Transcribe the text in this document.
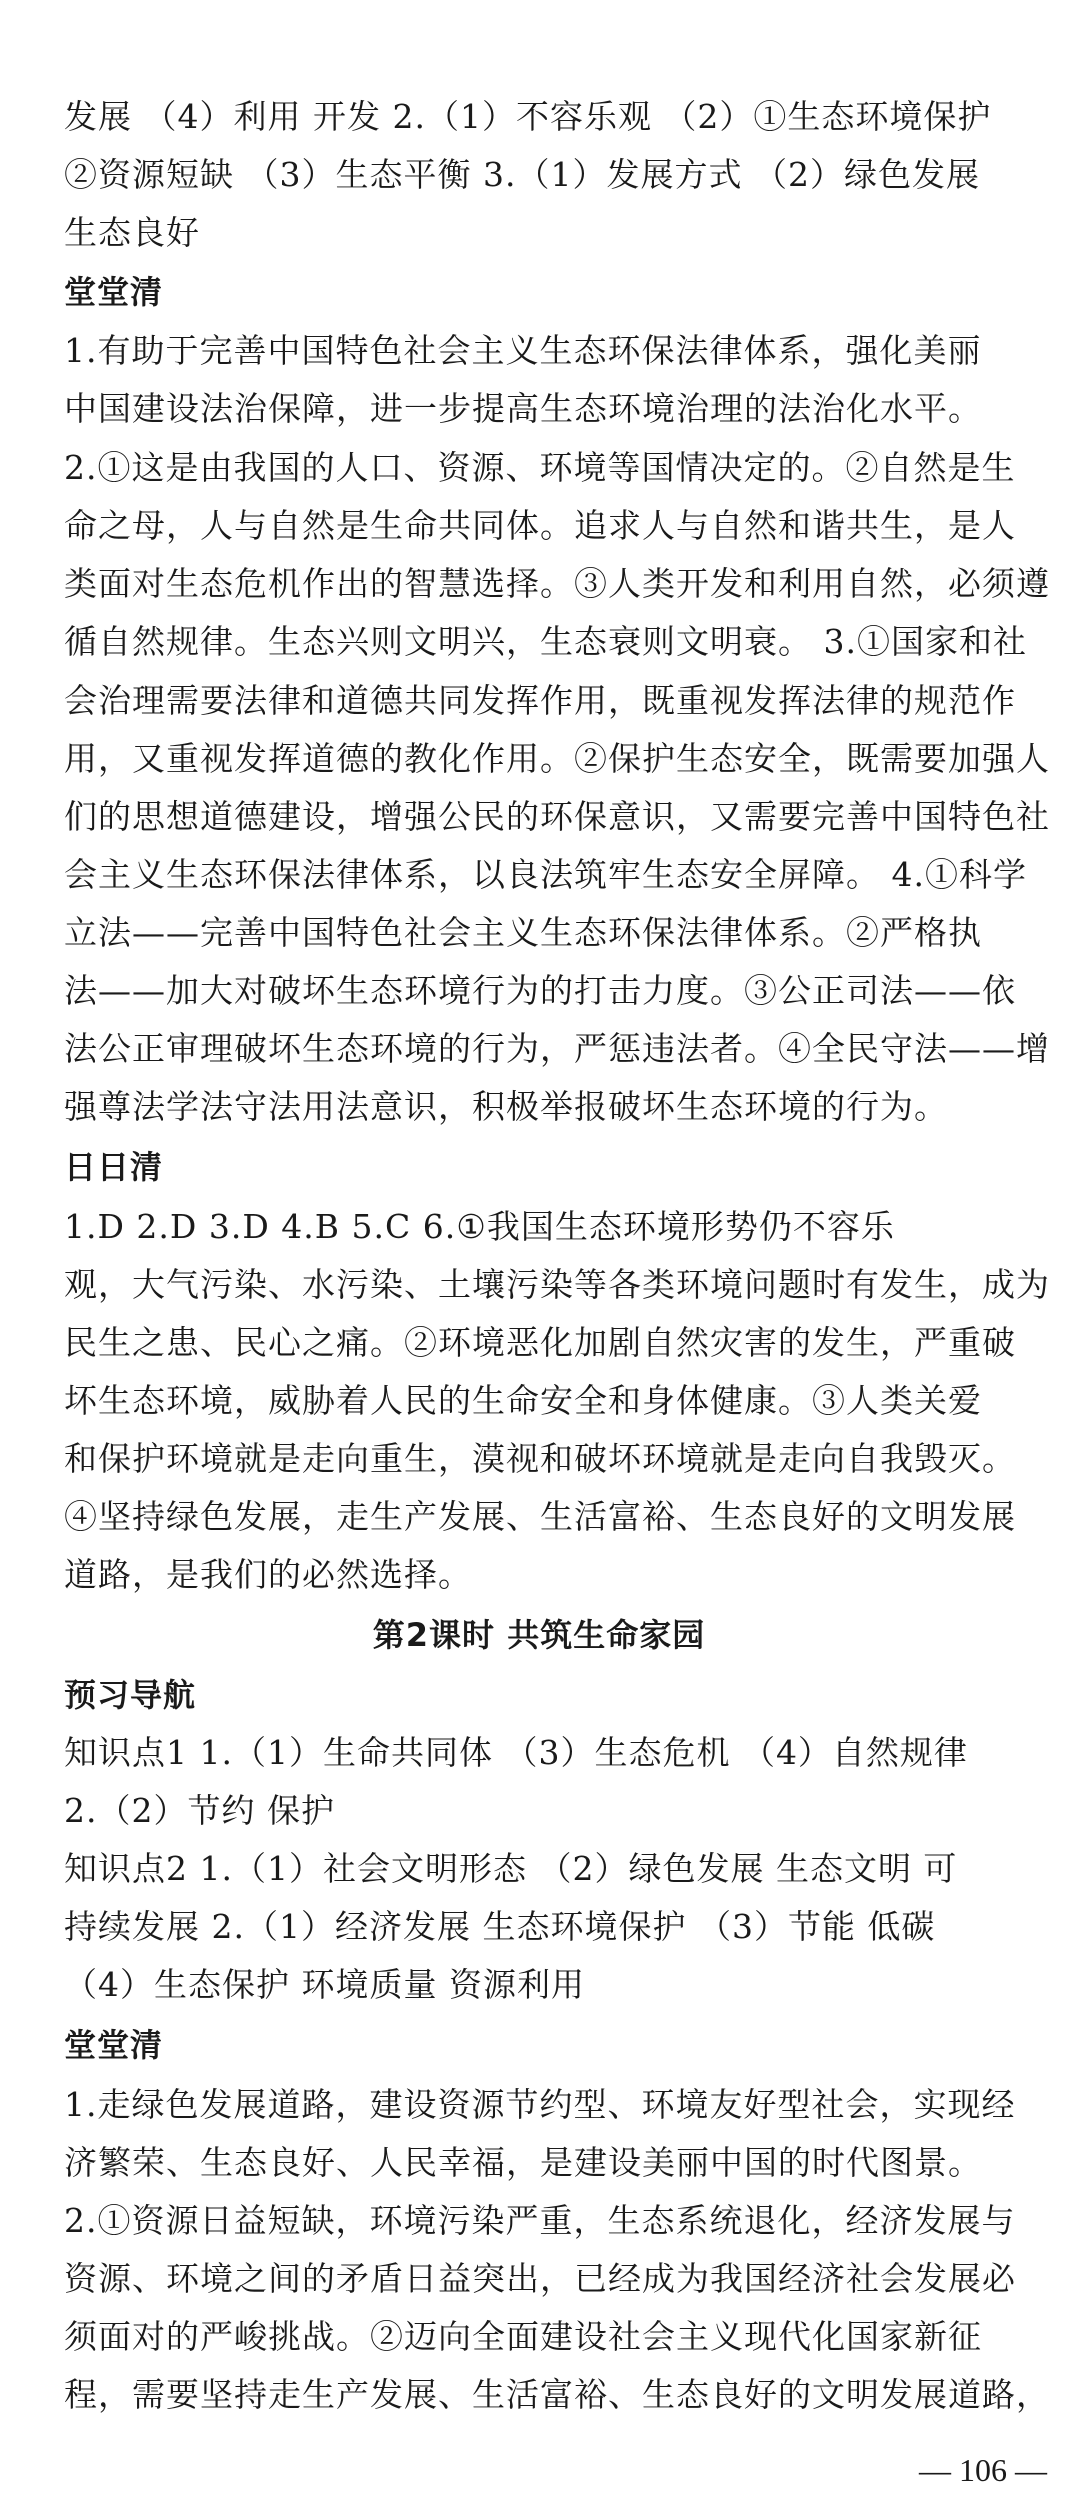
发展 （4）利用 开发 2.（1）不容乐观 （2）①生态环境保护
②资源短缺 （3）生态平衡 3.（1）发展方式 （2）绿色发展
生态良好
堂堂清
1.有助于完善中国特色社会主义生态环保法律体系，强化美丽
中国建设法治保障，进一步提高生态环境治理的法治化水平。
2.①这是由我国的人口、资源、环境等国情决定的。②自然是生
命之母，人与自然是生命共同体。追求人与自然和谐共生，是人
类面对生态危机作出的智慧选择。③人类开发和利用自然，必须遵
循自然规律。生态兴则文明兴，生态衰则文明衰。 3.①国家和社
会治理需要法律和道德共同发挥作用，既重视发挥法律的规范作
用，又重视发挥道德的教化作用。②保护生态安全，既需要加强人
们的思想道德建设，增强公民的环保意识，又需要完善中国特色社
会主义生态环保法律体系，以良法筑牢生态安全屏障。 4.①科学
立法——完善中国特色社会主义生态环保法律体系。②严格执
法——加大对破坏生态环境行为的打击力度。③公正司法——依
法公正审理破坏生态环境的行为，严惩违法者。④全民守法——增
强尊法学法守法用法意识，积极举报破坏生态环境的行为。
日日清
1.D 2.D 3.D 4.B 5.C 6.①我国生态环境形势仍不容乐
观，大气污染、水污染、土壤污染等各类环境问题时有发生，成为
民生之患、民心之痛。②环境恶化加剧自然灾害的发生，严重破
坏生态环境，威胁着人民的生命安全和身体健康。③人类关爱
和保护环境就是走向重生，漠视和破坏环境就是走向自我毁灭。
④坚持绿色发展，走生产发展、生活富裕、生态良好的文明发展
道路，是我们的必然选择。
第2课时 共筑生命家园
预习导航
知识点1 1.（1）生命共同体 （3）生态危机 （4）自然规律
2.（2）节约 保护
知识点2 1.（1）社会文明形态 （2）绿色发展 生态文明 可
持续发展 2.（1）经济发展 生态环境保护 （3）节能 低碳
（4）生态保护 环境质量 资源利用
堂堂清
1.走绿色发展道路，建设资源节约型、环境友好型社会，实现经
济繁荣、生态良好、人民幸福，是建设美丽中国的时代图景。
2.①资源日益短缺，环境污染严重，生态系统退化，经济发展与
资源、环境之间的矛盾日益突出，已经成为我国经济社会发展必
须面对的严峻挑战。②迈向全面建设社会主义现代化国家新征
程，需要坚持走生产发展、生活富裕、生态良好的文明发展道路，
— 106 —
